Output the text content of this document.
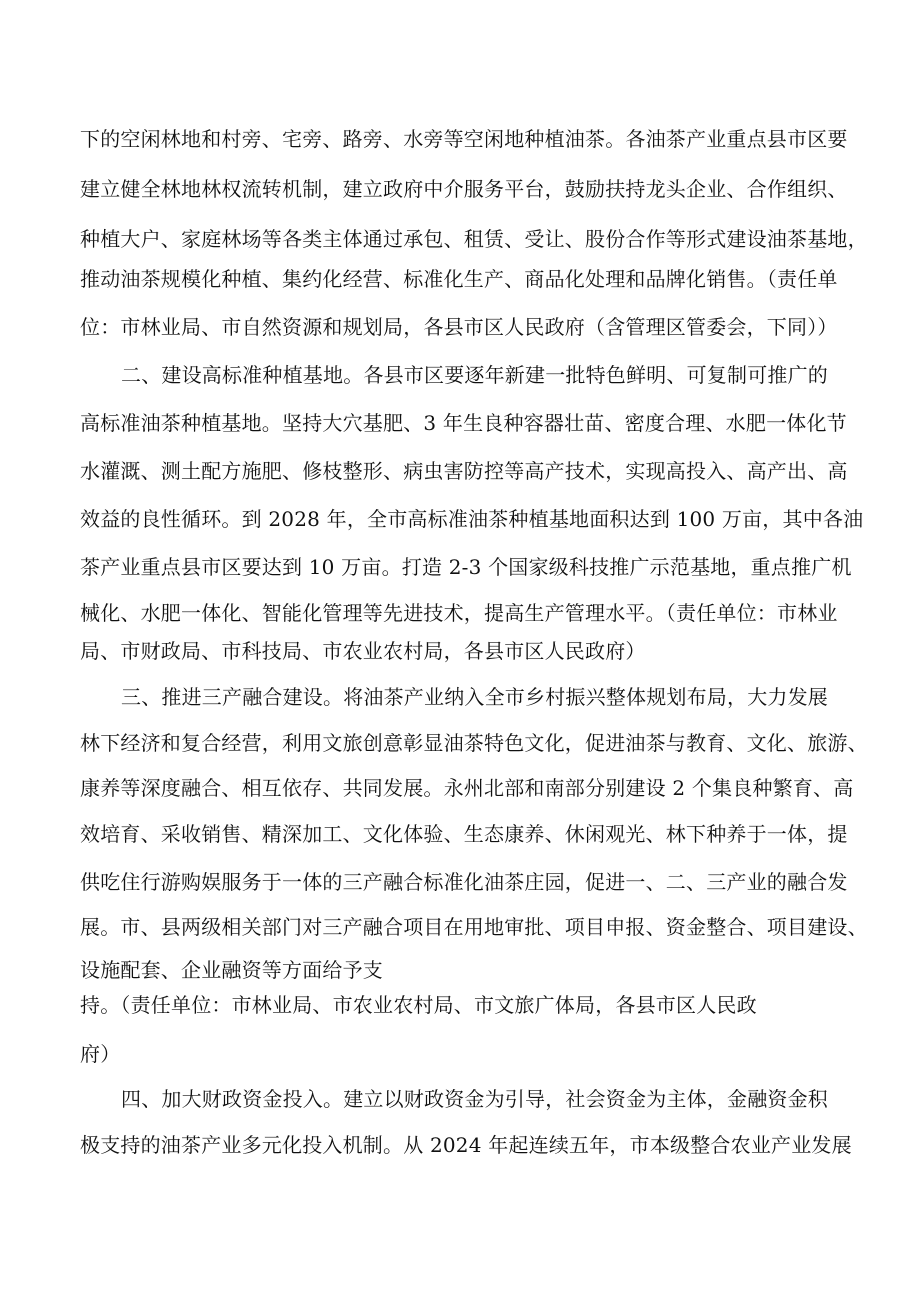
下的空闲林地和村旁、宅旁、路旁、水旁等空闲地种植油茶。各油茶产业重点县市区要
建立健全林地林权流转机制，建立政府中介服务平台，鼓励扶持龙头企业、合作组织、
种植大户、家庭林场等各类主体通过承包、租赁、受让、股份合作等形式建设油茶基地，
推动油茶规模化种植、集约化经营、标准化生产、商品化处理和品牌化销售。（责任单
位：市林业局、市自然资源和规划局，各县市区人民政府（含管理区管委会，下同））
二、建设高标准种植基地。各县市区要逐年新建一批特色鲜明、可复制可推广的
高标准油茶种植基地。坚持大穴基肥、3 年生良种容器壮苗、密度合理、水肥一体化节
水灌溉、测土配方施肥、修枝整形、病虫害防控等高产技术，实现高投入、高产出、高
效益的良性循环。到 2028 年，全市高标准油茶种植基地面积达到 100 万亩，其中各油
茶产业重点县市区要达到 10 万亩。打造 2-3 个国家级科技推广示范基地，重点推广机
械化、水肥一体化、智能化管理等先进技术，提高生产管理水平。（责任单位：市林业
局、市财政局、市科技局、市农业农村局，各县市区人民政府）
三、推进三产融合建设。将油茶产业纳入全市乡村振兴整体规划布局，大力发展
林下经济和复合经营，利用文旅创意彰显油茶特色文化，促进油茶与教育、文化、旅游、
康养等深度融合、相互依存、共同发展。永州北部和南部分别建设 2 个集良种繁育、高
效培育、采收销售、精深加工、文化体验、生态康养、休闲观光、林下种养于一体，提
供吃住行游购娱服务于一体的三产融合标准化油茶庄园，促进一、二、三产业的融合发
展。市、县两级相关部门对三产融合项目在用地审批、项目申报、资金整合、项目建设、
设施配套、企业融资等方面给予支
持。（责任单位：市林业局、市农业农村局、市文旅广体局，各县市区人民政
府）
四、加大财政资金投入。建立以财政资金为引导，社会资金为主体，金融资金积
极支持的油茶产业多元化投入机制。从 2024 年起连续五年，市本级整合农业产业发展
